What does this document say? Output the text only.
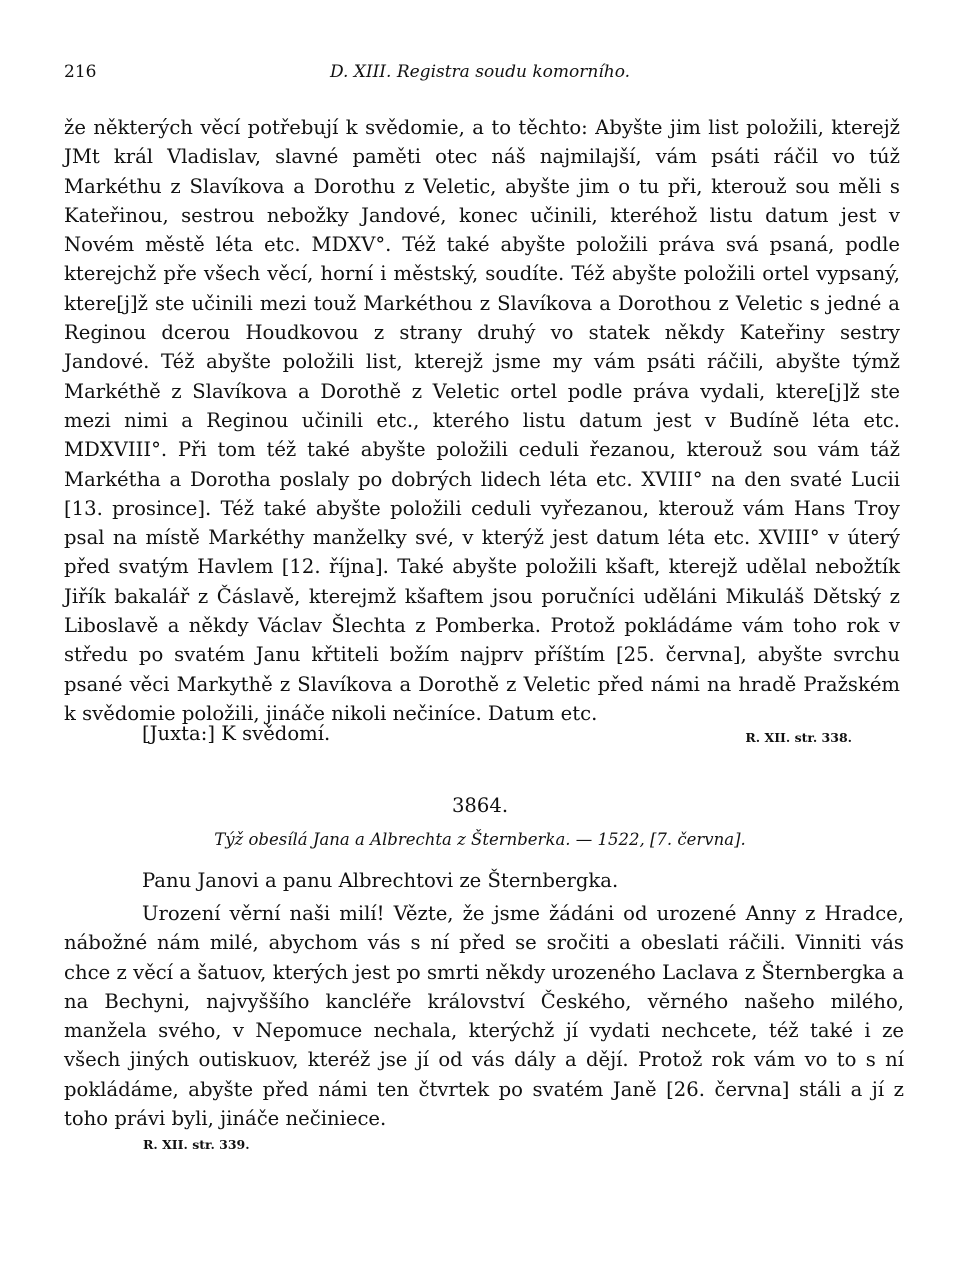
216	D. XIII. Registra soudu komorního.

že některých věcí potřebují k svědomie, a to těchto: Abyšte jim list položili, kterejž JMt král Vladislav, slavné paměti otec náš najmilajší, vám psáti ráčil vo túž Markéthu z Slavíkova a Dorothu z Veletic, abyšte jim o tu při, kterouž sou měli s Kateřinou, sestrou nebožky Jandové, konec učinili, kteréhož listu datum jest v Novém městě léta etc. MDXV°. Též také abyšte položili práva svá psaná, podle kterejchž pře všech věcí, horní i městský, soudíte. Též abyšte položili ortel vypsaný, ktere[j]ž ste učinili mezi touž Markéthou z Slavíkova a Dorothou z Veletic s jedné a Reginou dcerou Houdkovou z strany druhý vo statek někdy Kateřiny sestry Jandové. Též abyšte položili list, kterejž jsme my vám psáti ráčili, abyšte týmž Markéthě z Slavíkova a Dorothě z Veletic ortel podle práva vydali, ktere[j]ž ste mezi nimi a Reginou učinili etc., kterého listu datum jest v Budíně léta etc. MDXVIII°. Při tom též také abyšte položili ceduli řezanou, kterouž sou vám táž Markétha a Dorotha poslaly po dobrých lidech léta etc. XVIII° na den svaté Lucii [13. prosince]. Též také abyšte položili ceduli vyřezanou, kterouž vám Hans Troy psal na místě Markéthy manželky své, v kterýž jest datum léta etc. XVIII° v úterý před svatým Havlem [12. října]. Také abyšte položili kšaft, kterejž udělal nebožtík Jiřík bakalář z Čáslavě, kterejmž kšaftem jsou poručníci uděláni Mikuláš Dětský z Liboslavě a někdy Václav Šlechta z Pomberka. Protož pokládáme vám toho rok v středu po svatém Janu křtiteli božím najprv příštím [25. června], abyšte svrchu psané věci Markythě z Slavíkova a Dorothě z Veletic před námi na hradě Pražském k svědomie položili, jináče nikoli nečiníce. Datum etc.

[Juxta:] K svědomí.	R. XII. str. 338.
3864.
Týž obesílá Jana a Albrechta z Šternberka. — 1522, [7. června].
Panu Janovi a panu Albrechtovi ze Šternbergka.

Urození věrní naši milí! Vězte, že jsme žádáni od urozené Anny z Hradce, nábožné nám milé, abychom vás s ní před se sročiti a obeslati ráčili. Vinniti vás chce z věcí a šatuov, kterých jest po smrti někdy urozeného Laclava z Šternbergka a na Bechyni, najvyššího kancléře království Českého, věrného našeho milého, manžela svého, v Nepomuce nechala, kterýchž jí vydati nechcete, též také i ze všech jiných outiskuov, kteréž jse jí od vás dály a dějí. Protož rok vám vo to s ní pokládáme, abyšte před námi ten čtvrtek po svatém Janě [26. června] stáli a jí z toho právi byli, jináče nečiniece.

R. XII. str. 339.
